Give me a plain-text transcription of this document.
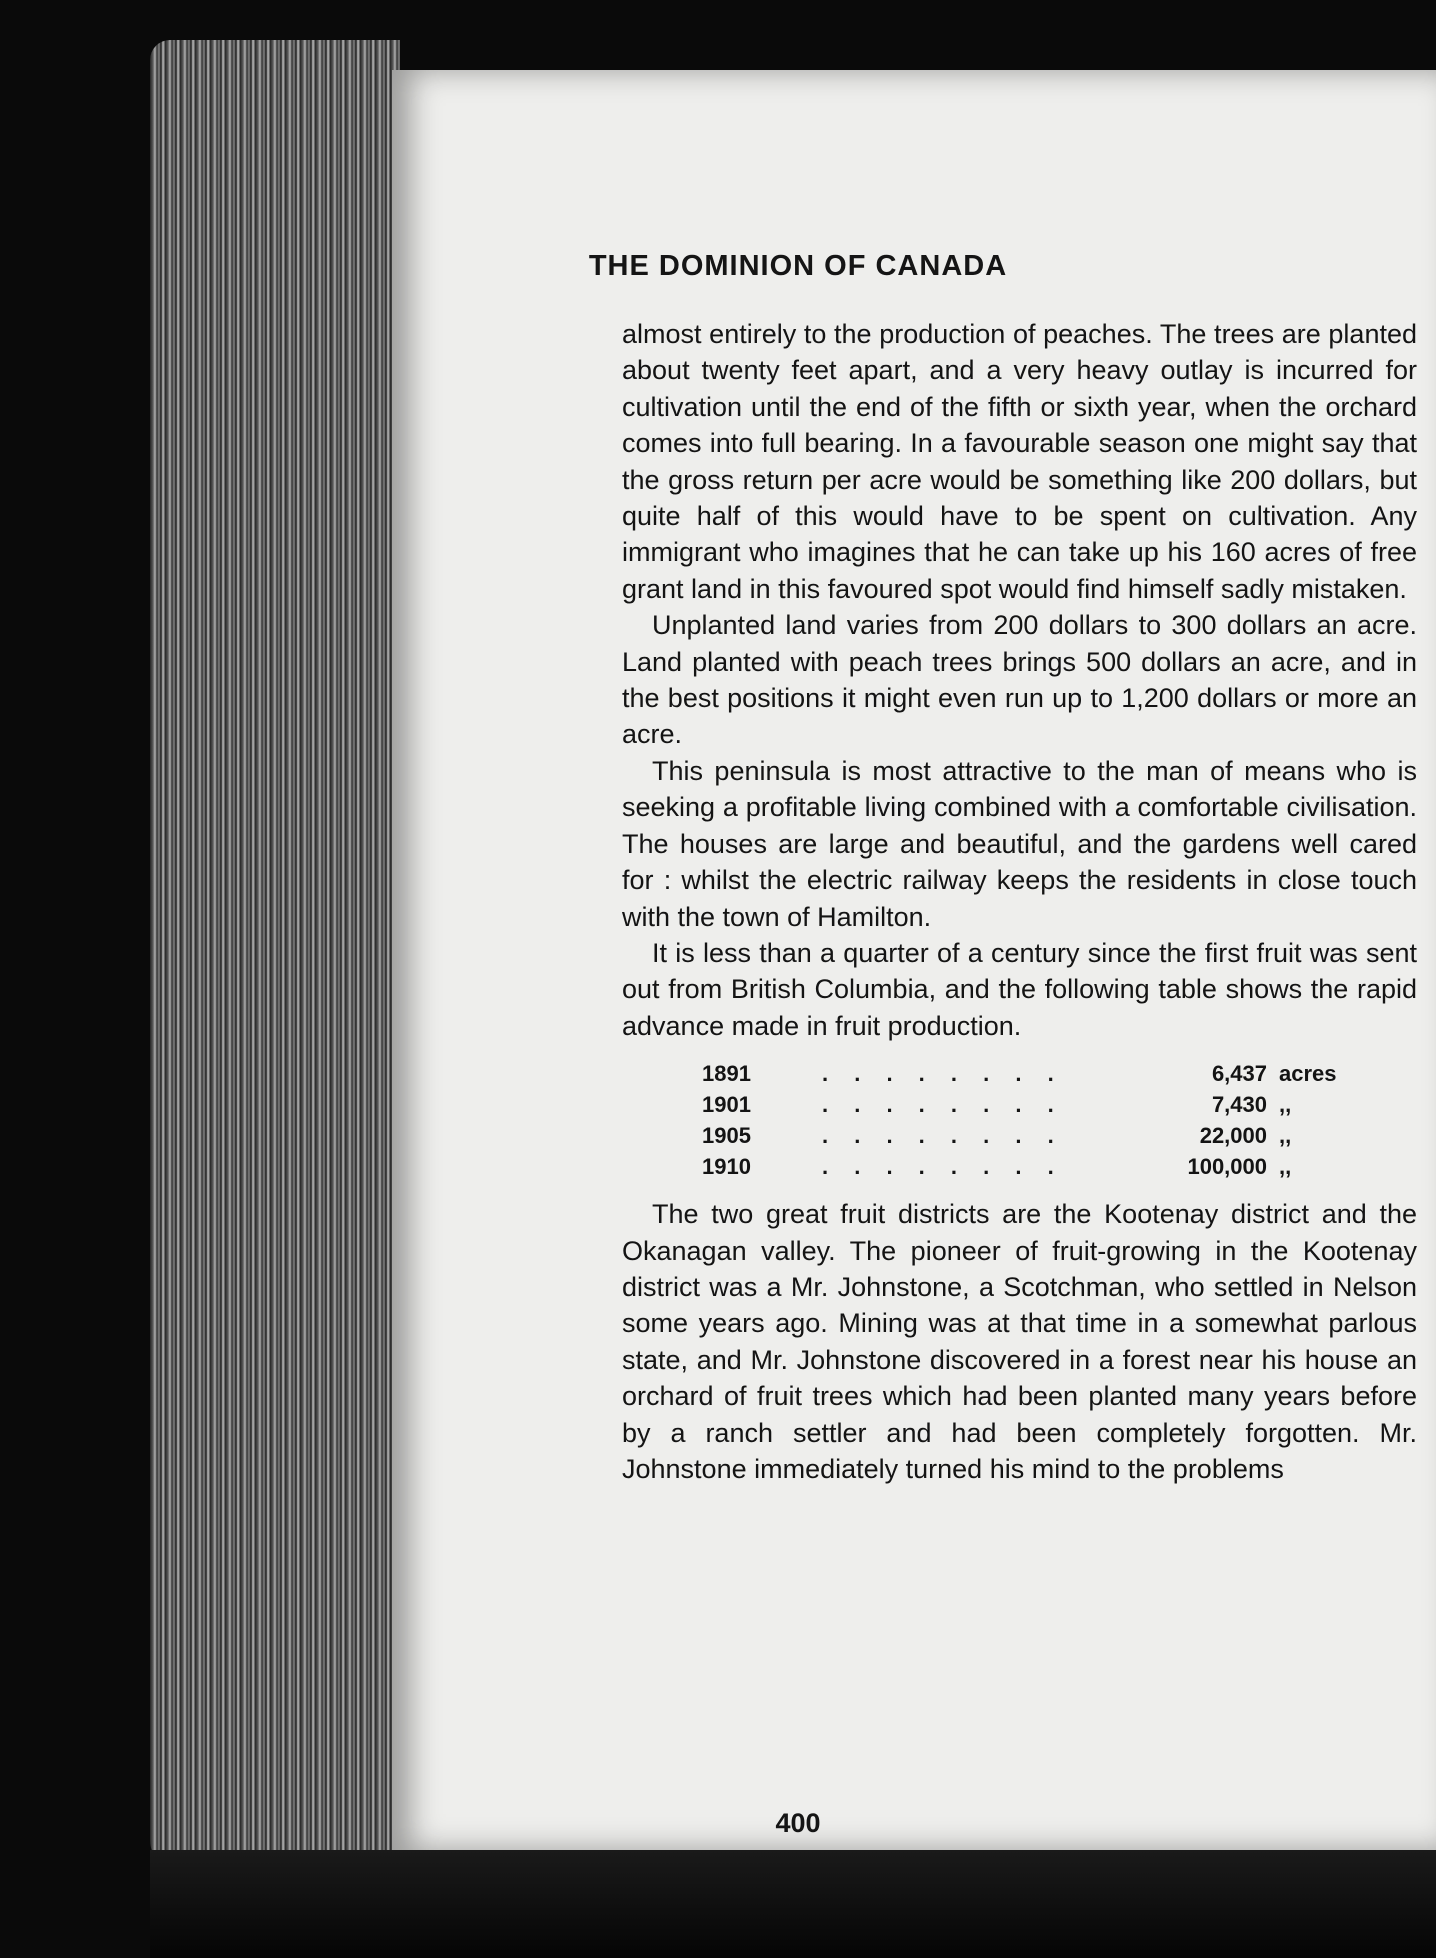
THE DOMINION OF CANADA

almost entirely to the production of peaches. The trees are planted about twenty feet apart, and a very heavy outlay is incurred for cultivation until the end of the fifth or sixth year, when the orchard comes into full bearing. In a favourable season one might say that the gross return per acre would be something like 200 dollars, but quite half of this would have to be spent on cultivation. Any immigrant who imagines that he can take up his 160 acres of free grant land in this favoured spot would find himself sadly mistaken.

Unplanted land varies from 200 dollars to 300 dollars an acre. Land planted with peach trees brings 500 dollars an acre, and in the best positions it might even run up to 1,200 dollars or more an acre.

This peninsula is most attractive to the man of means who is seeking a profitable living combined with a comfortable civilisation. The houses are large and beautiful, and the gardens well cared for : whilst the electric railway keeps the residents in close touch with the town of Hamilton.

It is less than a quarter of a century since the first fruit was sent out from British Columbia, and the following table shows the rapid advance made in fruit production.

1891	. . . . . . . .	6,437	acres
1901	. . . . . . . .	7,430	,,
1905	. . . . . . . .	22,000	,,
1910	. . . . . . . .	100,000	,,

The two great fruit districts are the Kootenay district and the Okanagan valley. The pioneer of fruit-growing in the Kootenay district was a Mr. Johnstone, a Scotchman, who settled in Nelson some years ago. Mining was at that time in a somewhat parlous state, and Mr. Johnstone discovered in a forest near his house an orchard of fruit trees which had been planted many years before by a ranch settler and had been completely forgotten. Mr. Johnstone immediately turned his mind to the problems

400
